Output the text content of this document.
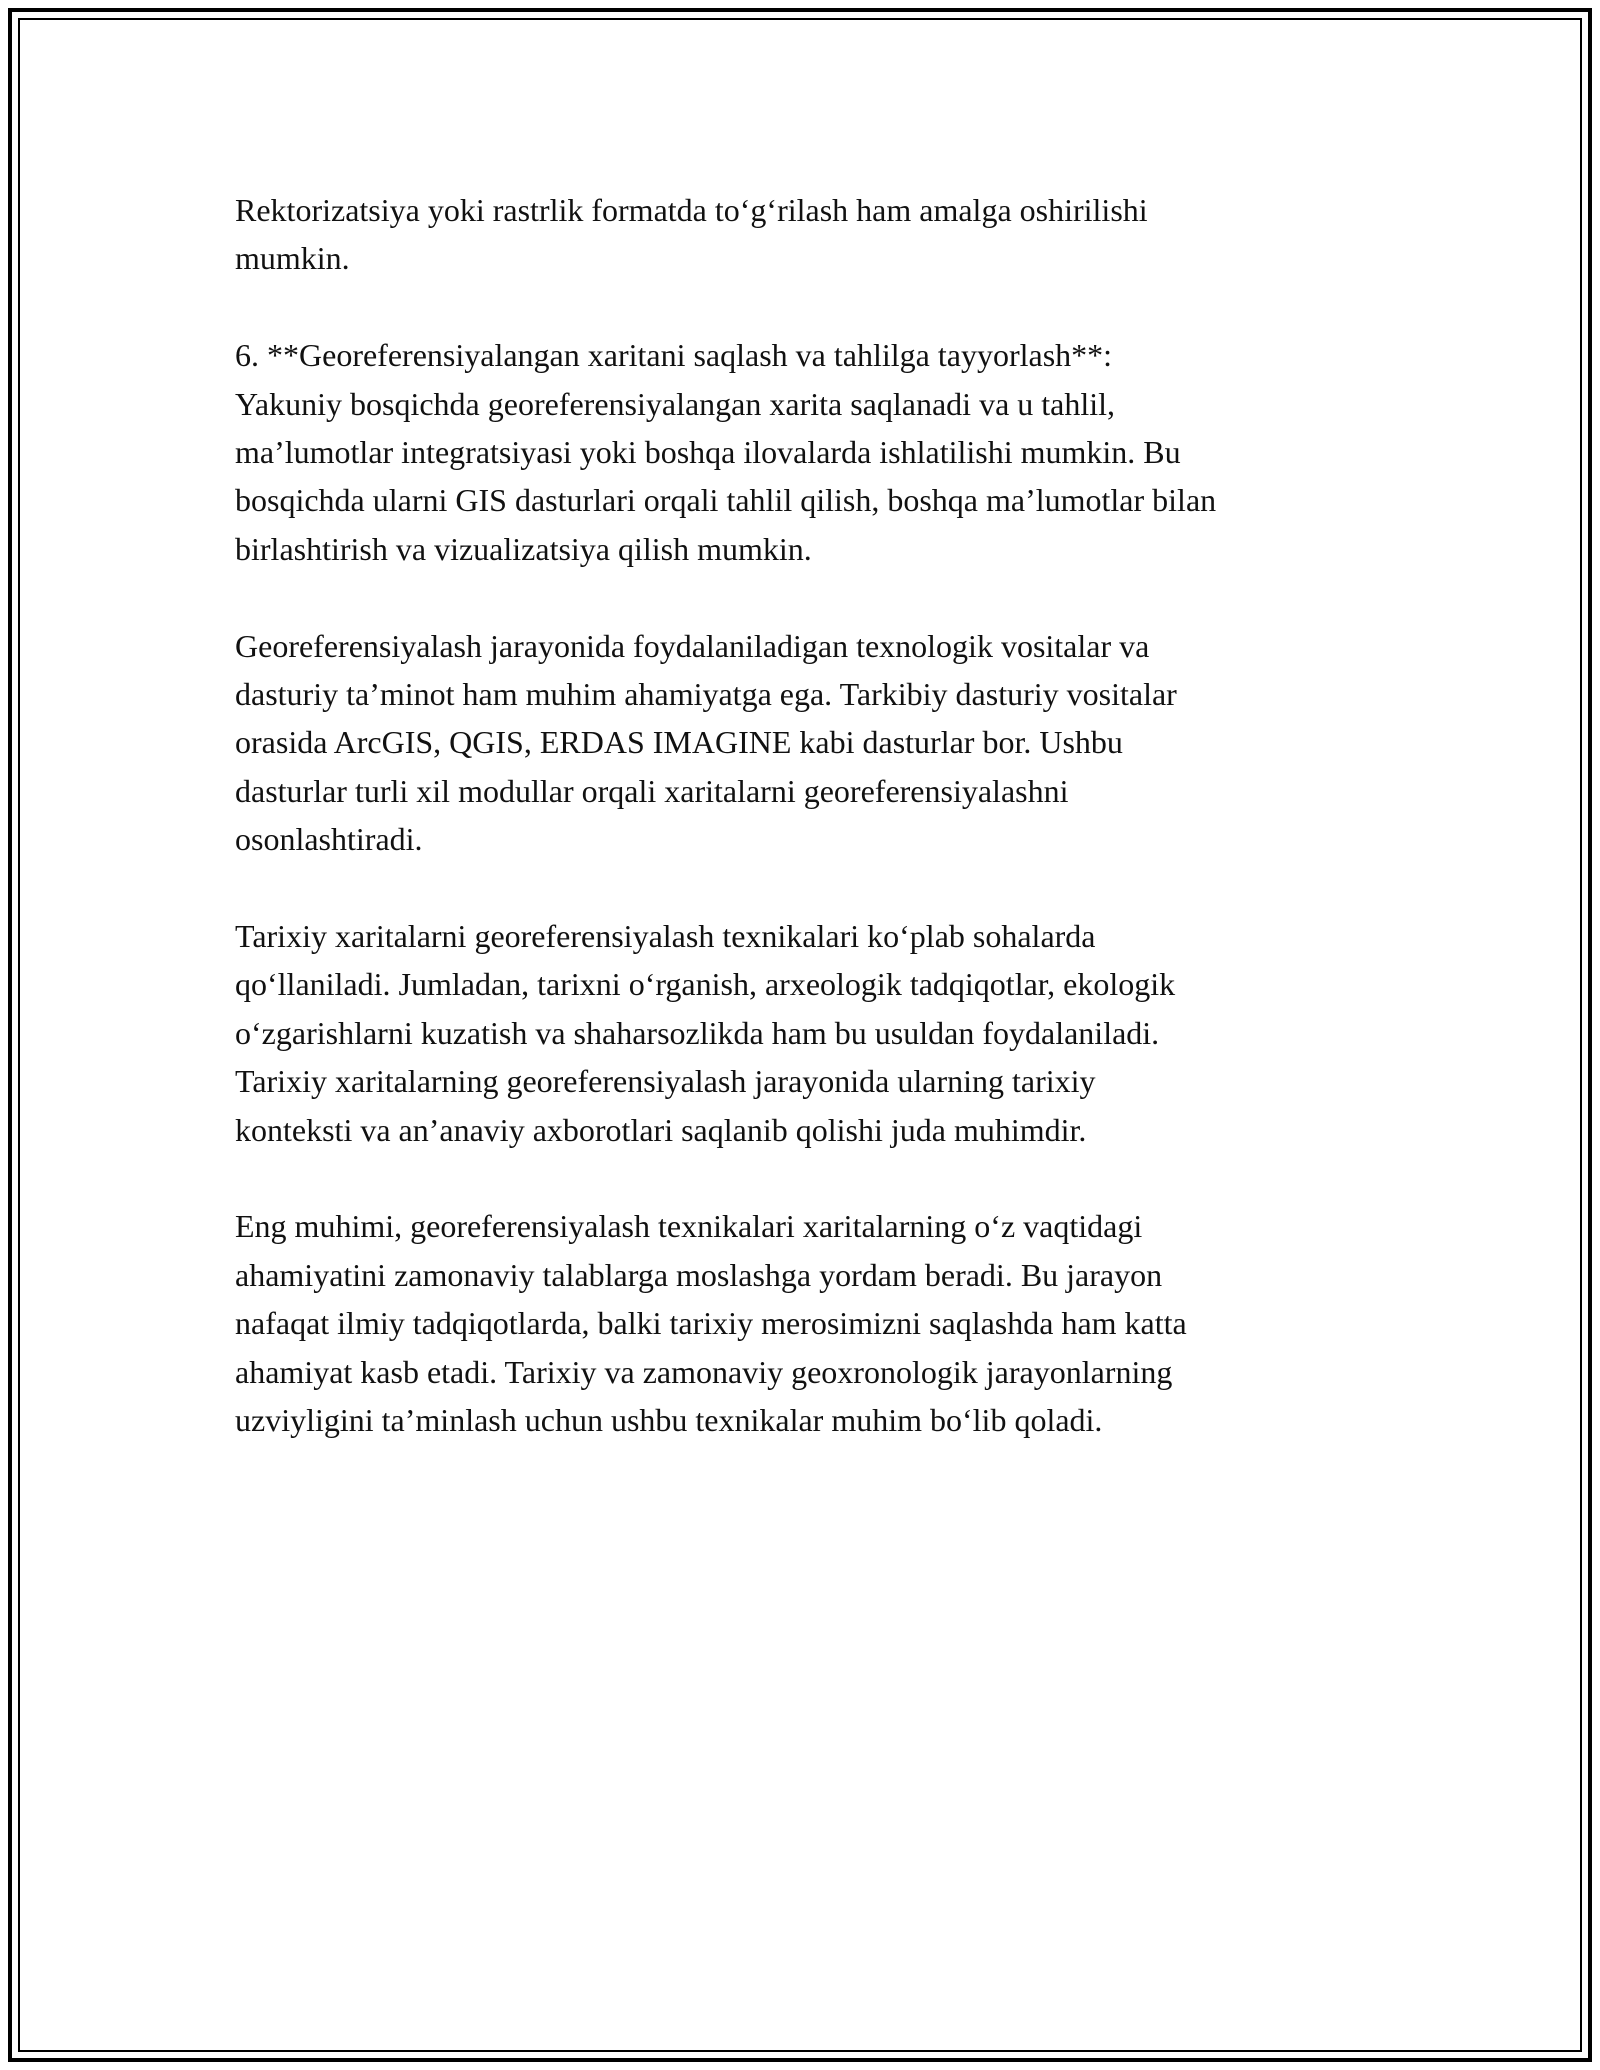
Rektorizatsiya yoki rastrlik formatda to‘g‘rilash ham amalga oshirilishi
mumkin.

6. **Georeferensiyalangan xaritani saqlash va tahlilga tayyorlash**:
Yakuniy bosqichda georeferensiyalangan xarita saqlanadi va u tahlil,
ma’lumotlar integratsiyasi yoki boshqa ilovalarda ishlatilishi mumkin. Bu
bosqichda ularni GIS dasturlari orqali tahlil qilish, boshqa ma’lumotlar bilan
birlashtirish va vizualizatsiya qilish mumkin.

Georeferensiyalash jarayonida foydalaniladigan texnologik vositalar va
dasturiy ta’minot ham muhim ahamiyatga ega. Tarkibiy dasturiy vositalar
orasida ArcGIS, QGIS, ERDAS IMAGINE kabi dasturlar bor. Ushbu
dasturlar turli xil modullar orqali xaritalarni georeferensiyalashni
osonlashtiradi.

Tarixiy xaritalarni georeferensiyalash texnikalari ko‘plab sohalarda
qo‘llaniladi. Jumladan, tarixni o‘rganish, arxeologik tadqiqotlar, ekologik
o‘zgarishlarni kuzatish va shaharsozlikda ham bu usuldan foydalaniladi.
Tarixiy xaritalarning georeferensiyalash jarayonida ularning tarixiy
konteksti va an’anaviy axborotlari saqlanib qolishi juda muhimdir.

Eng muhimi, georeferensiyalash texnikalari xaritalarning o‘z vaqtidagi
ahamiyatini zamonaviy talablarga moslashga yordam beradi. Bu jarayon
nafaqat ilmiy tadqiqotlarda, balki tarixiy merosimizni saqlashda ham katta
ahamiyat kasb etadi. Tarixiy va zamonaviy geoxronologik jarayonlarning
uzviyligini ta’minlash uchun ushbu texnikalar muhim bo‘lib qoladi.
